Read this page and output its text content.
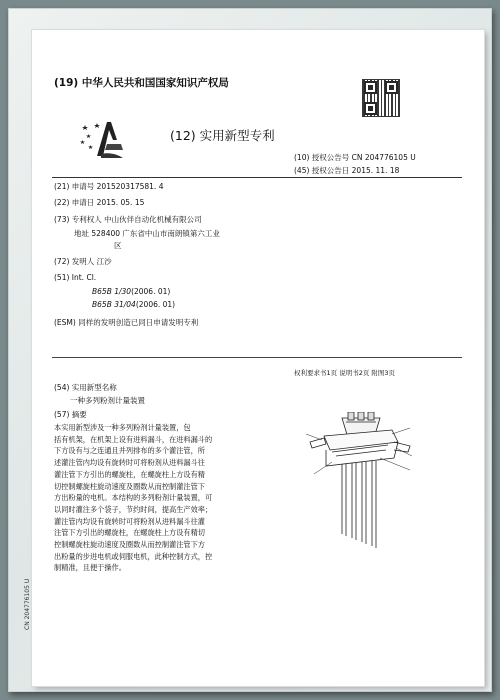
(19) 中华人民共和国国家知识产权局
(12) 实用新型专利
(10) 授权公告号 CN 204776105 U
(45) 授权公告日 2015. 11. 18
(21) 申请号 201520317581. 4
(22) 申请日 2015. 05. 15
(73) 专利权人 中山伙伴自动化机械有限公司
地址 528400 广东省中山市南朗镇第六工业
区
(72) 发明人 江沙
(51) Int. Cl.
B65B 1/30(2006. 01)
B65B 31/04(2006. 01)
(ESM) 同样的发明创造已同日申请发明专利
权利要求书1页 说明书2页 附图3页
(54) 实用新型名称
一种多列粉剂计量装置
(57) 摘要
本实用新型涉及一种多列粉剂计量装置，包
括有机架，在机架上设有进料漏斗，在进料漏斗的
下方设有与之连通且并列排布的多个灌注管，所
述灌注管内均设有旋转时可将粉剂从进料漏斗往
灌注管下方引出的螺旋柱，在螺旋柱上方设有精
切控制螺旋柱旋动速度及圈数从而控制灌注管下
方出粉量的电机。本结构的多列粉剂计量装置，可
以同时灌注多个袋子，节约时间，提高生产效率；
灌注管内均设有旋转时可将粉剂从进料漏斗往灌
注管下方引出的螺旋柱，在螺旋柱上方设有精切
控制螺旋柱旋动速度及圈数从而控制灌注管下方
出粉量的步进电机或伺服电机，此种控制方式，控
制精准，且便于操作。
CN 204776105 U
